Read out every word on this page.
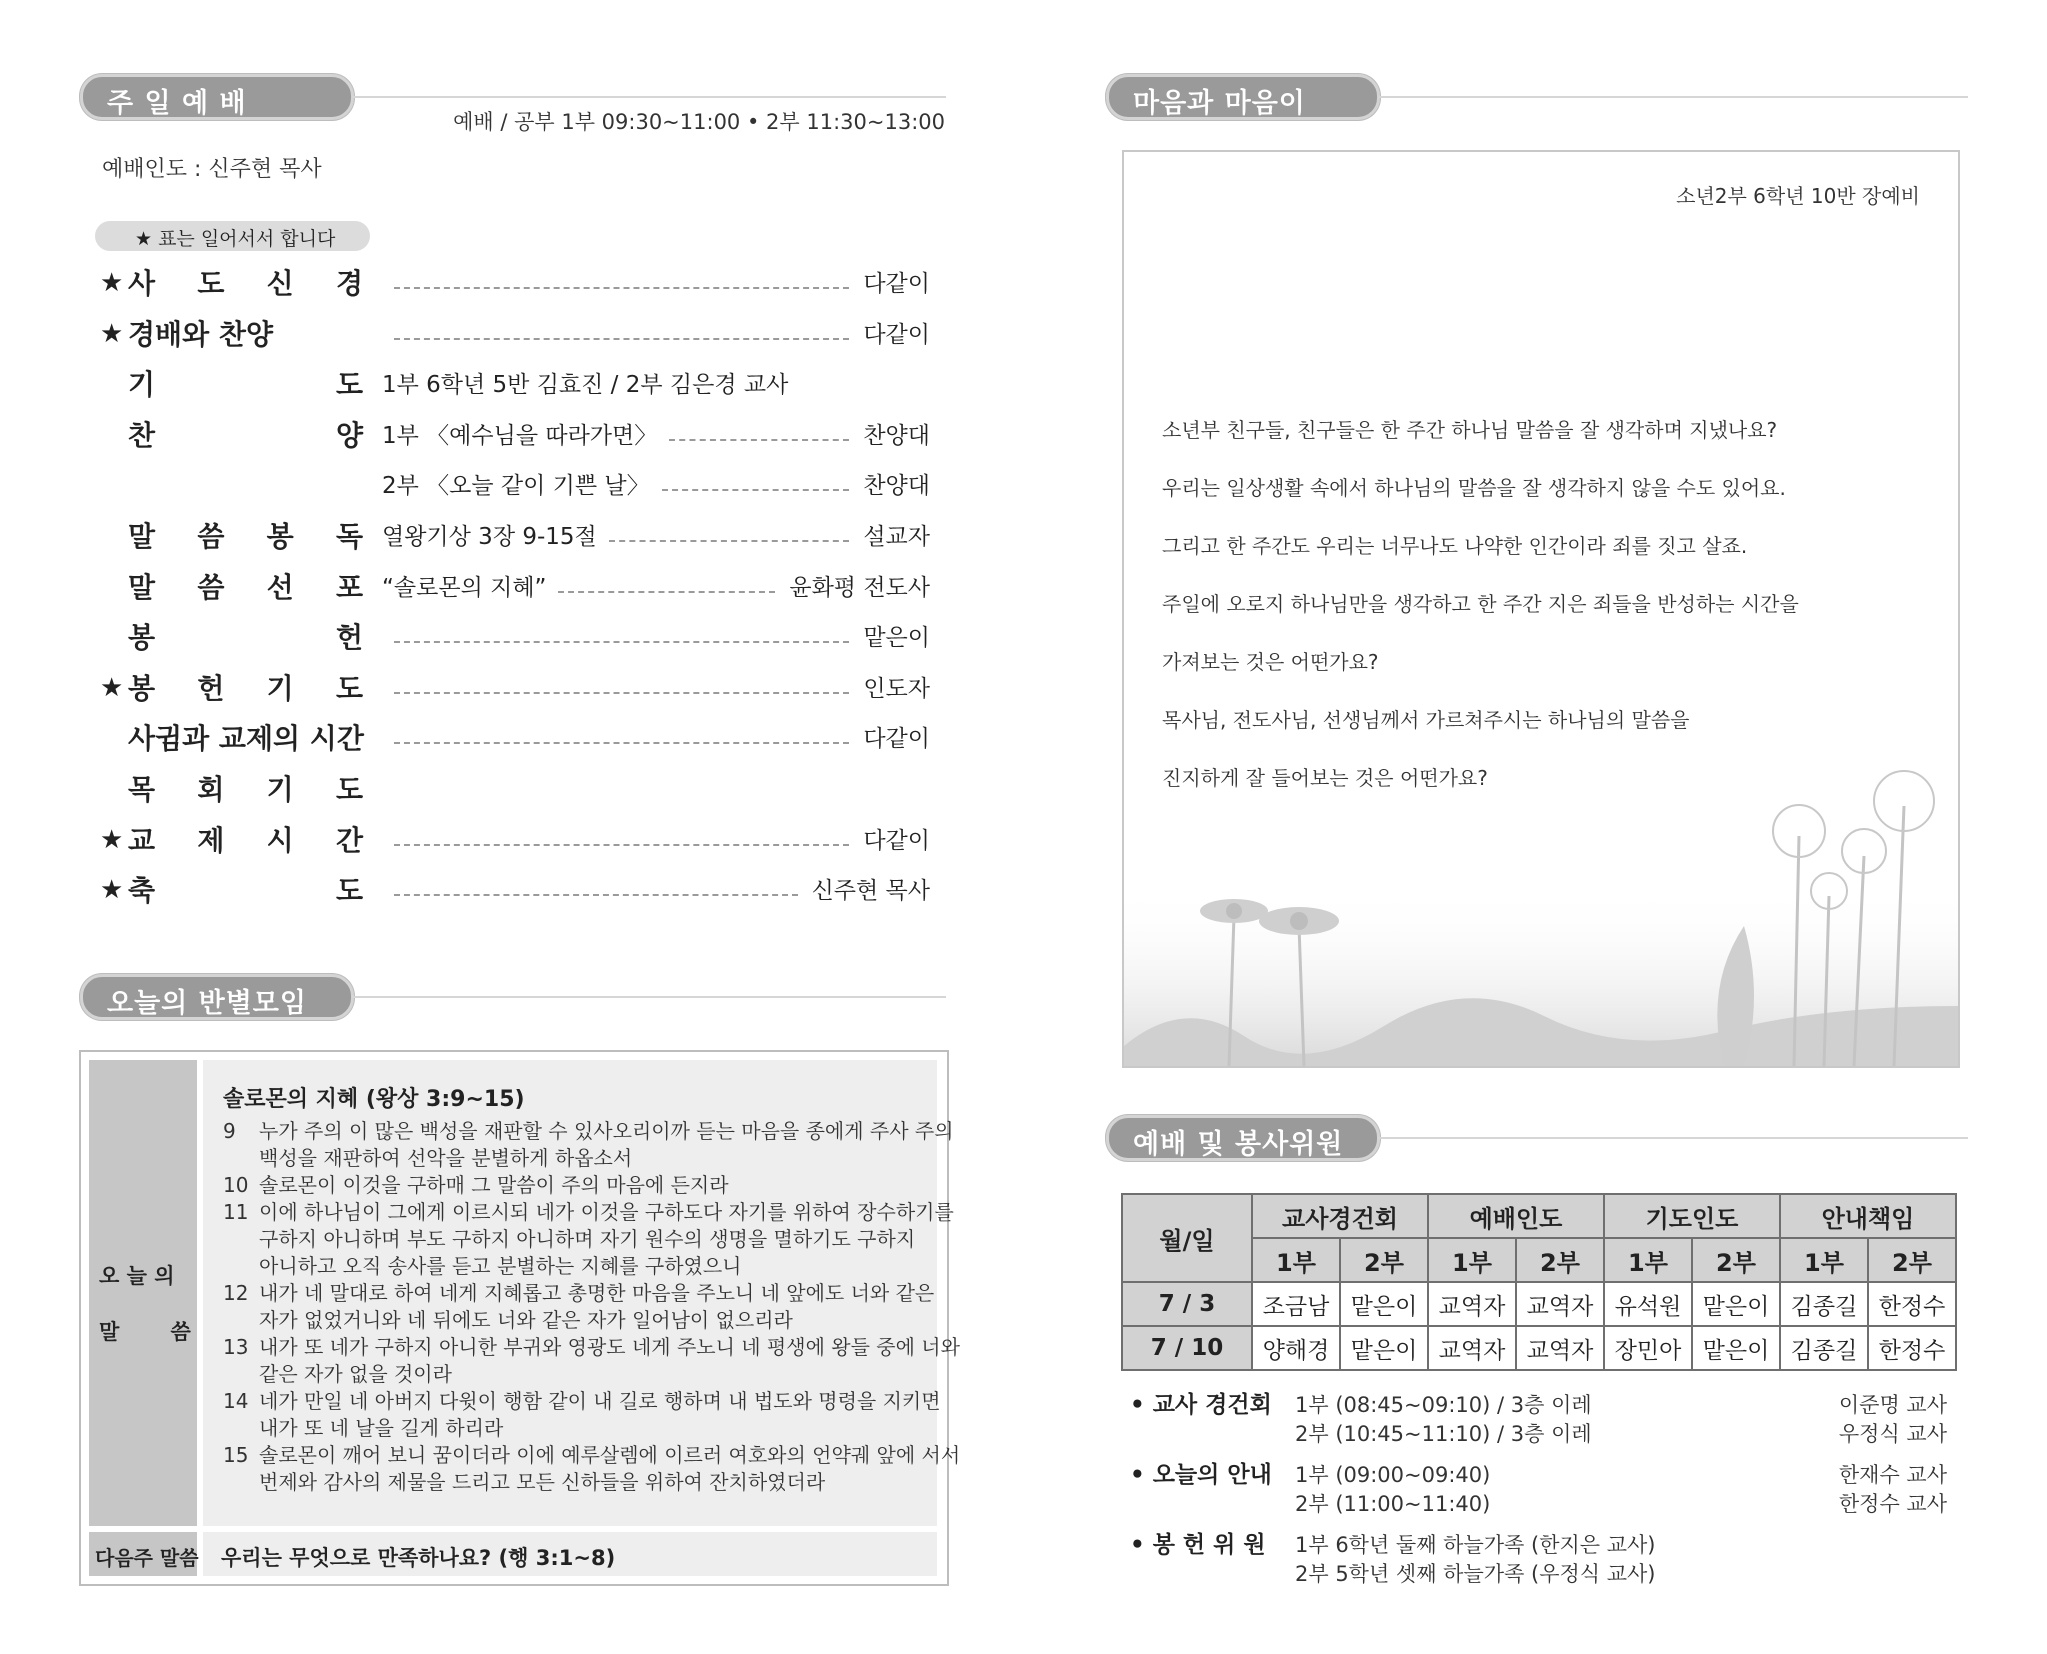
주 일 예 배
예배 / 공부 1부 09:30~11:00 • 2부 11:30~13:00
예배인도 : 신주현 목사
★ 표는 일어서서 합니다
★ 사 도 신 경	다같이
★ 경배와 찬양	다같이
기	도 1부 6학년 5반 김효진 / 2부 김은경 교사
찬	양 1부 〈예수님을 따라가면〉	찬양대
2부 〈오늘 같이 기쁜 날〉	찬양대
말 씀 봉 독 열왕기상 3장 9-15절	설교자
말 씀 선 포 “솔로몬의 지혜”	윤화평 전도사
봉	헌	맡은이
★ 봉 헌 기 도	인도자
사귐과 교제의 시간	다같이
목 회 기 도
★ 교 제 시 간	다같이
★ 축	도	신주현 목사
오늘의 반별모임
오 늘 의
말       씀
솔로몬의 지혜 (왕상 3:9~15)
9	누가 주의 이 많은 백성을 재판할 수 있사오리이까 듣는 마음을 종에게 주사 주의
백성을 재판하여 선악을 분별하게 하옵소서
10 솔로몬이 이것을 구하매 그 말씀이 주의 마음에 든지라
11 이에 하나님이 그에게 이르시되 네가 이것을 구하도다 자기를 위하여 장수하기를
구하지 아니하며 부도 구하지 아니하며 자기 원수의 생명을 멸하기도 구하지
아니하고 오직 송사를 듣고 분별하는 지혜를 구하였으니
12 내가 네 말대로 하여 네게 지혜롭고 총명한 마음을 주노니 네 앞에도 너와 같은
자가 없었거니와 네 뒤에도 너와 같은 자가 일어남이 없으리라
13 내가 또 네가 구하지 아니한 부귀와 영광도 네게 주노니 네 평생에 왕들 중에 너와
같은 자가 없을 것이라
14 네가 만일 네 아버지 다윗이 행함 같이 내 길로 행하며 내 법도와 명령을 지키면
내가 또 네 날을 길게 하리라
15 솔로몬이 깨어 보니 꿈이더라 이에 예루살렘에 이르러 여호와의 언약궤 앞에 서서
번제와 감사의 제물을 드리고 모든 신하들을 위하여 잔치하였더라
다음주 말씀 우리는 무엇으로 만족하나요? (행 3:1~8)
마음과 마음이
소년2부 6학년 10반 장예비
소년부 친구들, 친구들은 한 주간 하나님 말씀을 잘 생각하며 지냈나요?
우리는 일상생활 속에서 하나님의 말씀을 잘 생각하지 않을 수도 있어요.
그리고 한 주간도 우리는 너무나도 나약한 인간이라 죄를 짓고 살죠.
주일에 오로지 하나님만을 생각하고 한 주간 지은 죄들을 반성하는 시간을
가져보는 것은 어떤가요?
목사님, 전도사님, 선생님께서 가르쳐주시는 하나님의 말씀을
진지하게 잘 들어보는 것은 어떤가요?
예배 및 봉사위원
월/일	교사경건회		예배인도		기도인도		안내책임	
	1부	2부	1부	2부	1부	2부	1부	2부
7 / 3	조금남	맡은이	교역자	교역자	유석원	맡은이	김종길	한정수
7 / 10	양해경	맡은이	교역자	교역자	장민아	맡은이	김종길	한정수
• 교사 경건회 1부 (08:45~09:10) / 3층 이레	이준명 교사
2부 (10:45~11:10) / 3층 이레	우정식 교사
• 오늘의 안내 1부 (09:00~09:40)	한재수 교사
2부 (11:00~11:40)	한정수 교사
• 봉 헌 위 원 1부 6학년 둘째 하늘가족 (한지은 교사)
2부 5학년 셋째 하늘가족 (우정식 교사)
